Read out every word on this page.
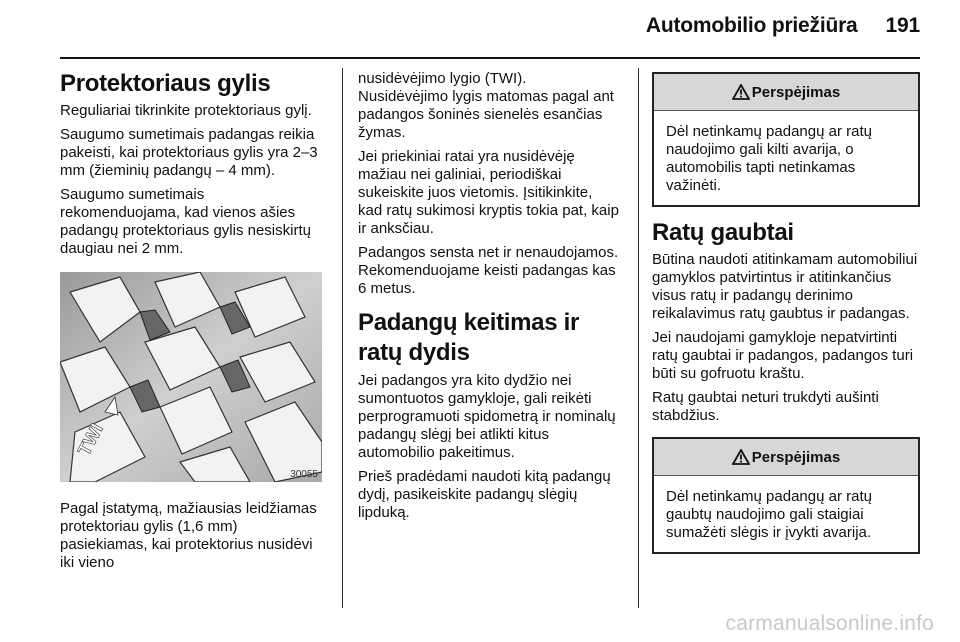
Automobilio priežiūra 191
Protektoriaus gylis

Reguliariai tikrinkite protektoriaus gylį.

Saugumo sumetimais padangas reikia pakeisti, kai protektoriaus gylis yra 2–3 mm (žieminių padangų – 4 mm).

Saugumo sumetimais rekomenduojama, kad vienos ašies padangų protektoriaus gylis nesiskirtų daugiau nei 2 mm.

TWI
30055

Pagal įstatymą, mažiausias leidžiamas protektoriau gylis (1,6 mm) pasiekiamas, kai protektorius nusidėvi iki vieno

nusidėvėjimo lygio (TWI). Nusidėvėjimo lygis matomas pagal ant padangos šoninės sienelės esančias žymas.

Jei priekiniai ratai yra nusidėvėję mažiau nei galiniai, periodiškai sukeiskite juos vietomis. Įsitikinkite, kad ratų sukimosi kryptis tokia pat, kaip ir anksčiau.

Padangos sensta net ir nenaudojamos. Rekomenduojame keisti padangas kas 6 metus.

Padangų keitimas ir ratų dydis

Jei padangos yra kito dydžio nei sumontuotos gamykloje, gali reikėti perprogramuoti spidometrą ir nominalų padangų slėgį bei atlikti kitus automobilio pakeitimus.

Prieš pradėdami naudoti kitą padangų dydį, pasikeiskite padangų slėgių lipduką.

Perspėjimas

Dėl netinkamų padangų ar ratų naudojimo gali kilti avarija, o automobilis tapti netinkamas važinėti.

Ratų gaubtai

Būtina naudoti atitinkamam automobiliui gamyklos patvirtintus ir atitinkančius visus ratų ir padangų derinimo reikalavimus ratų gaubtus ir padangas.

Jei naudojami gamykloje nepatvirtinti ratų gaubtai ir padangos, padangos turi būti su gofruotu kraštu.

Ratų gaubtai neturi trukdyti aušinti stabdžius.

Perspėjimas

Dėl netinkamų padangų ar ratų gaubtų naudojimo gali staigiai sumažėti slėgis ir įvykti avarija.

carmanualsonline.info
